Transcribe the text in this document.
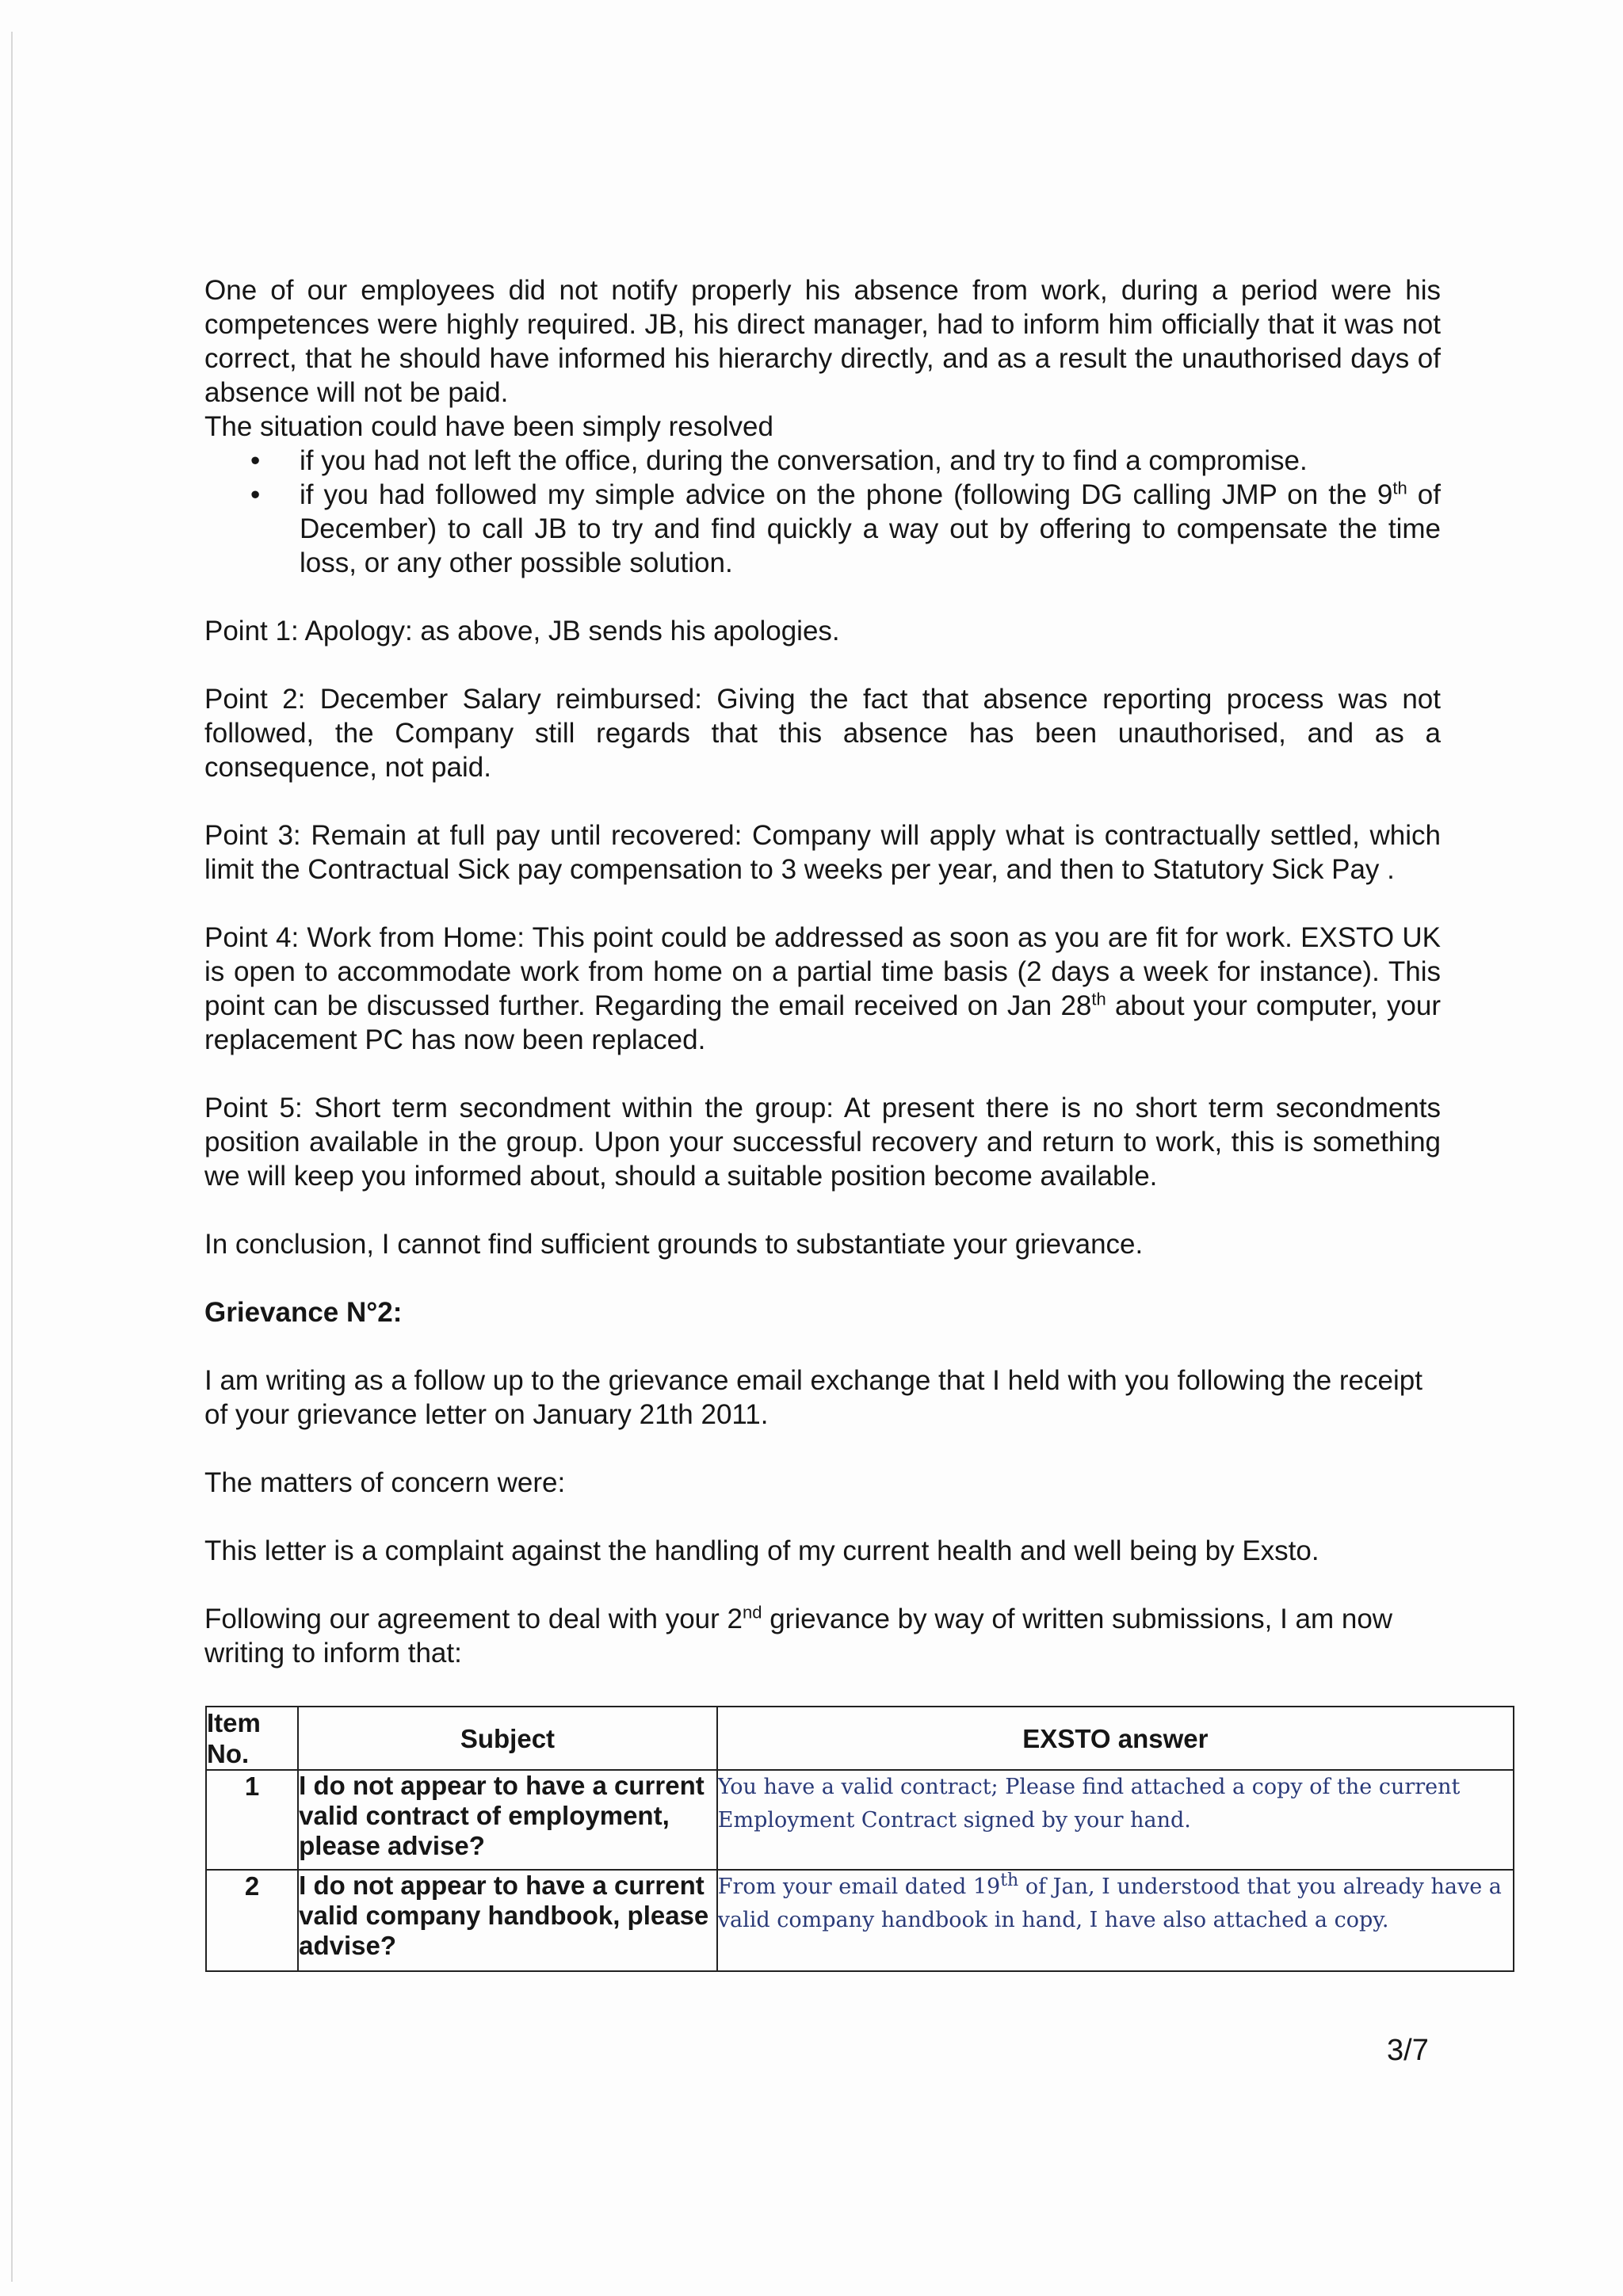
One of our employees did not notify properly his absence from work, during a period were his competences were highly required. JB, his direct manager, had to inform him officially that it was not correct, that he should have informed his hierarchy directly, and as a result the unauthorised days of absence will not be paid.

The situation could have been simply resolved

• if you had not left the office, during the conversation, and try to find a compromise.
• if you had followed my simple advice on the phone (following DG calling JMP on the 9th of December) to call JB to try and find quickly a way out by offering to compensate the time loss, or any other possible solution.

Point 1: Apology: as above, JB sends his apologies.

Point 2: December Salary reimbursed: Giving the fact that absence reporting process was not followed, the Company still regards that this absence has been unauthorised, and as a consequence, not paid.

Point 3: Remain at full pay until recovered: Company will apply what is contractually settled, which limit the Contractual Sick pay compensation to 3 weeks per year, and then to Statutory Sick Pay .

Point 4: Work from Home: This point could be addressed as soon as you are fit for work. EXSTO UK is open to accommodate work from home on a partial time basis (2 days a week for instance). This point can be discussed further. Regarding the email received on Jan 28th about your computer, your replacement PC has now been replaced.

Point 5: Short term secondment within the group: At present there is no short term secondments position available in the group. Upon your successful recovery and return to work, this is something we will keep you informed about, should a suitable position become available.

In conclusion, I cannot find sufficient grounds to substantiate your grievance.

Grievance N°2:

I am writing as a follow up to the grievance email exchange that I held with you following the receipt of your grievance letter on January 21th 2011.

The matters of concern were:

This letter is a complaint against the handling of my current health and well being by Exsto.

Following our agreement to deal with your 2nd grievance by way of written submissions, I am now writing to inform that:

Item No.	Subject	EXSTO answer
1	I do not appear to have a current valid contract of employment, please advise?	You have a valid contract; Please find attached a copy of the current Employment Contract signed by your hand.
2	I do not appear to have a current valid company handbook, please advise?	From your email dated 19th of Jan, I understood that you already have a valid company handbook in hand, I have also attached a copy.
3/7
